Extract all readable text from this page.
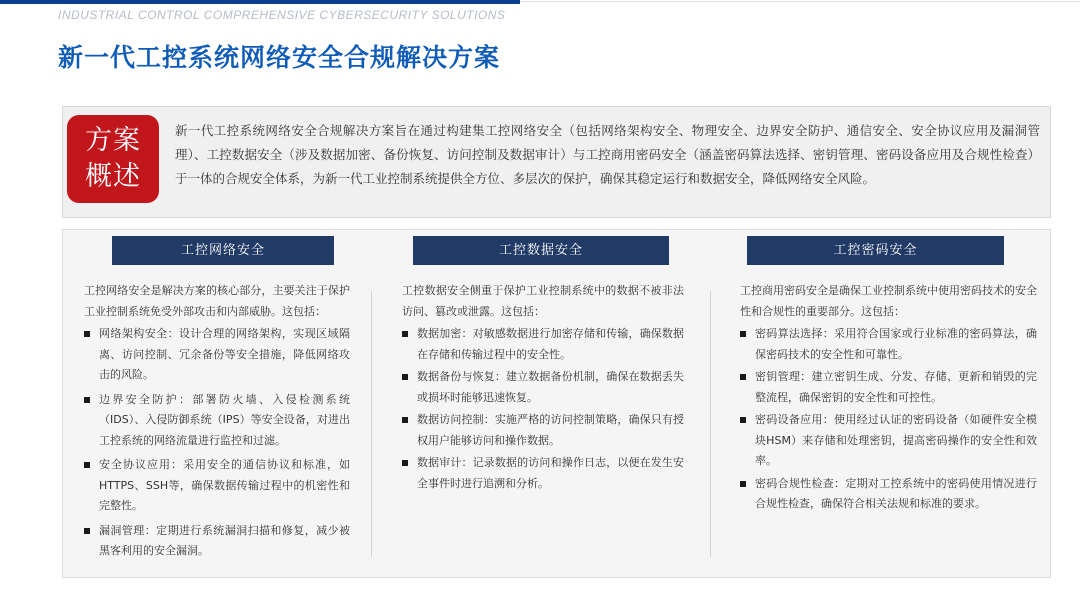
INDUSTRIAL CONTROL COMPREHENSIVE CYBERSECURITY SOLUTIONS
新一代工控系统网络安全合规解决方案
方案
概述
新一代工控系统网络安全合规解决方案旨在通过构建集工控网络安全（包括网络架构安全、物理安全、边界安全防护、通信安全、安全协议应用及漏洞管理）、工控数据安全（涉及数据加密、备份恢复、访问控制及数据审计）与工控商用密码安全（涵盖密码算法选择、密钥管理、密码设备应用及合规性检查）于一体的合规安全体系，为新一代工业控制系统提供全方位、多层次的保护，确保其稳定运行和数据安全，降低网络安全风险。
工控网络安全
工控网络安全是解决方案的核心部分，主要关注于保护工业控制系统免受外部攻击和内部威胁。这包括：
网络架构安全：设计合理的网络架构，实现区域隔离、访问控制、冗余备份等安全措施，降低网络攻击的风险。
边界安全防护：部署防火墙、入侵检测系统（IDS）、入侵防御系统（IPS）等安全设备，对进出工控系统的网络流量进行监控和过滤。
安全协议应用：采用安全的通信协议和标准，如HTTPS、SSH等，确保数据传输过程中的机密性和完整性。
漏洞管理：定期进行系统漏洞扫描和修复，减少被黑客利用的安全漏洞。
工控数据安全
工控数据安全侧重于保护工业控制系统中的数据不被非法访问、篡改或泄露。这包括：
数据加密：对敏感数据进行加密存储和传输，确保数据在存储和传输过程中的安全性。
数据备份与恢复：建立数据备份机制，确保在数据丢失或损坏时能够迅速恢复。
数据访问控制：实施严格的访问控制策略，确保只有授权用户能够访问和操作数据。
数据审计：记录数据的访问和操作日志，以便在发生安全事件时进行追溯和分析。
工控密码安全
工控商用密码安全是确保工业控制系统中使用密码技术的安全性和合规性的重要部分。这包括：
密码算法选择：采用符合国家或行业标准的密码算法，确保密码技术的安全性和可靠性。
密钥管理：建立密钥生成、分发、存储、更新和销毁的完整流程，确保密钥的安全性和可控性。
密码设备应用：使用经过认证的密码设备（如硬件安全模块HSM）来存储和处理密钥，提高密码操作的安全性和效率。
密码合规性检查：定期对工控系统中的密码使用情况进行合规性检查，确保符合相关法规和标准的要求。
